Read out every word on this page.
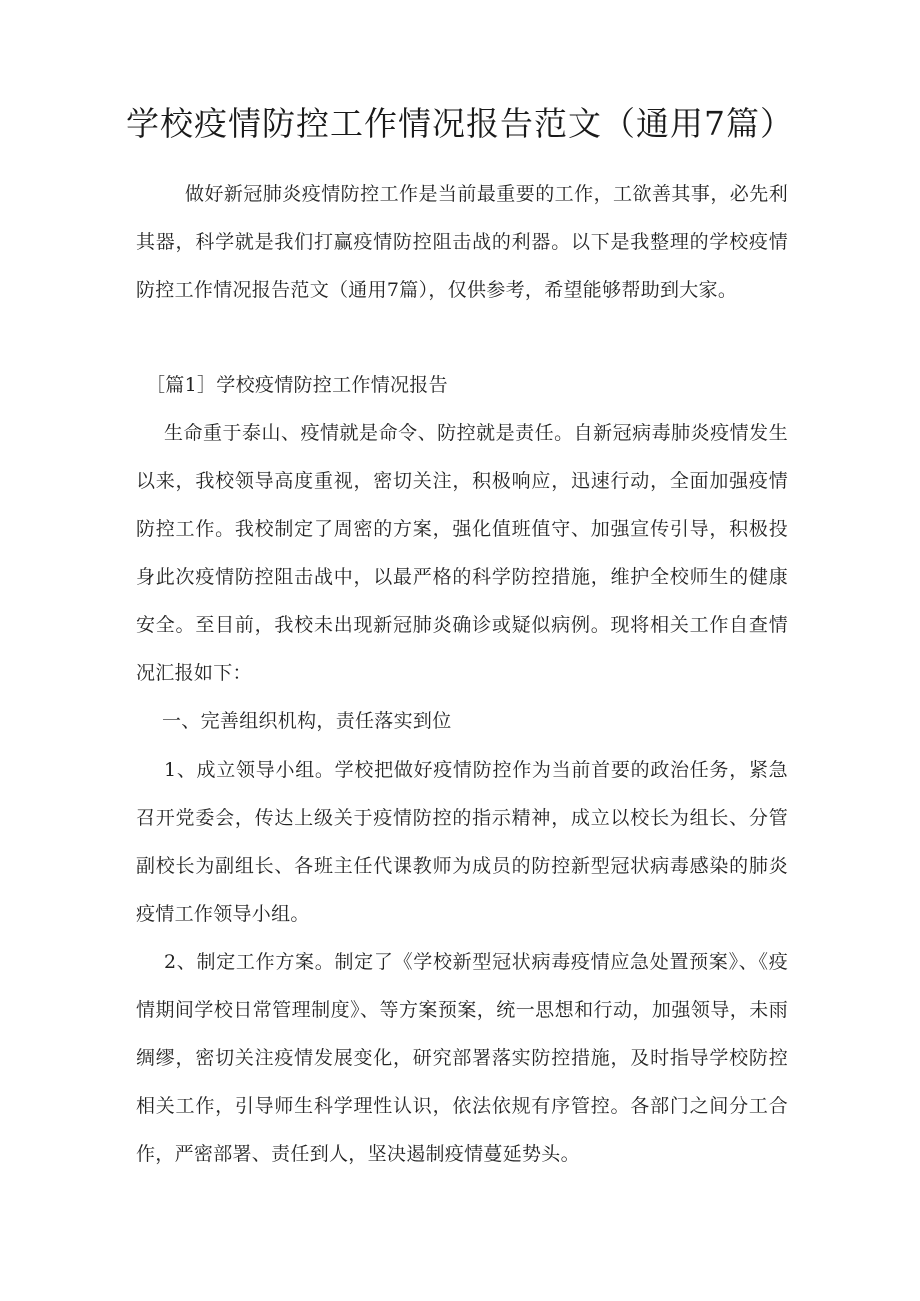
学校疫情防控工作情况报告范文（通用7篇）

做好新冠肺炎疫情防控工作是当前最重要的工作，工欲善其事，必先利其器，科学就是我们打赢疫情防控阻击战的利器。以下是我整理的学校疫情防控工作情况报告范文（通用7篇），仅供参考，希望能够帮助到大家。

［篇1］学校疫情防控工作情况报告

生命重于泰山、疫情就是命令、防控就是责任。自新冠病毒肺炎疫情发生以来，我校领导高度重视，密切关注，积极响应，迅速行动，全面加强疫情防控工作。我校制定了周密的方案，强化值班值守、加强宣传引导，积极投身此次疫情防控阻击战中，以最严格的科学防控措施，维护全校师生的健康安全。至目前，我校未出现新冠肺炎确诊或疑似病例。现将相关工作自查情况汇报如下：

一、完善组织机构，责任落实到位

1、成立领导小组。学校把做好疫情防控作为当前首要的政治任务，紧急召开党委会，传达上级关于疫情防控的指示精神，成立以校长为组长、分管副校长为副组长、各班主任代课教师为成员的防控新型冠状病毒感染的肺炎疫情工作领导小组。

2、制定工作方案。制定了《学校新型冠状病毒疫情应急处置预案》、《疫情期间学校日常管理制度》、等方案预案，统一思想和行动，加强领导，未雨绸缪，密切关注疫情发展变化，研究部署落实防控措施，及时指导学校防控相关工作，引导师生科学理性认识，依法依规有序管控。各部门之间分工合作，严密部署、责任到人，坚决遏制疫情蔓延势头。
